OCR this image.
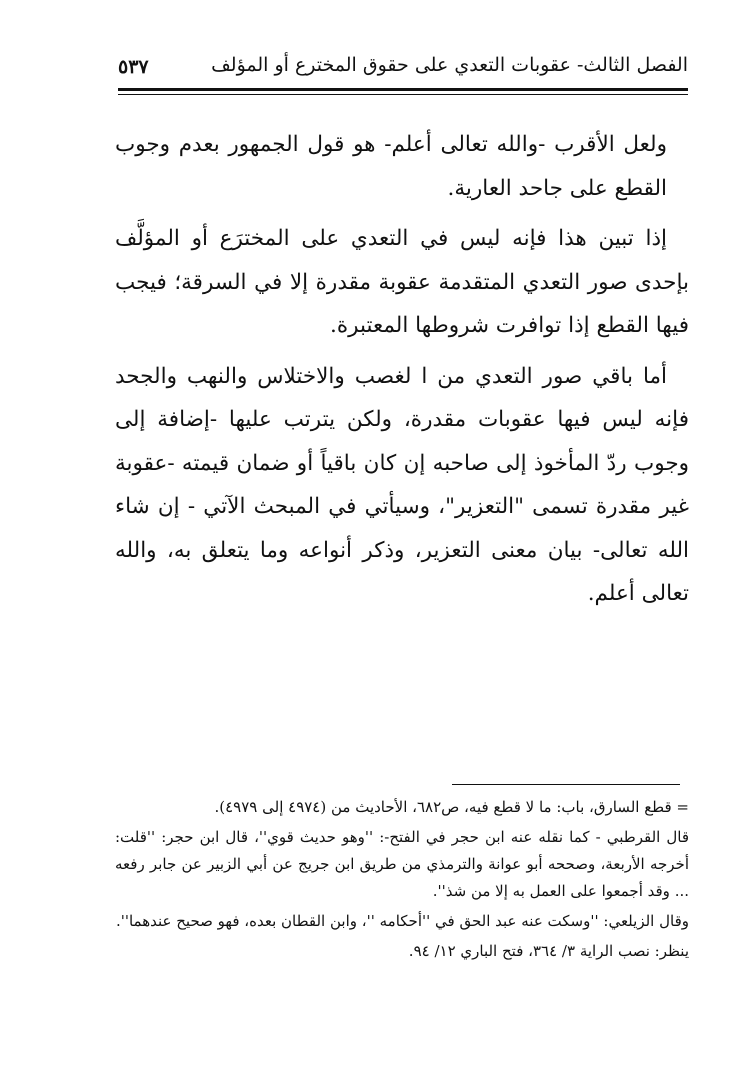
الفصل الثالث- عقوبات التعدي على حقوق المخترع أو المؤلف
٥٣٧

ولعل الأقرب -والله تعالى أعلم- هو قول الجمهور بعدم وجوب القطع على جاحد العارية.

إذا تبين هذا فإنه ليس في التعدي على المخترَع أو المؤلَّف بإحدى صور التعدي المتقدمة عقوبة مقدرة إلا في السرقة؛ فيجب فيها القطع إذا توافرت شروطها المعتبرة.

أما باقي صور التعدي من ا لغصب والاختلاس والنهب والجحد فإنه ليس فيها عقوبات مقدرة، ولكن يترتب عليها -إضافة إلى وجوب ردّ المأخوذ إلى صاحبه إن كان باقياً أو ضمان قيمته -عقوبة غير مقدرة تسمى "التعزير"، وسيأتي في المبحث الآتي - إن شاء الله تعالى- بيان معنى التعزير، وذكر أنواعه وما يتعلق به، والله تعالى أعلم.

= قطع السارق، باب: ما لا قطع فيه، ص٦٨٢، الأحاديث من (٤٩٧٤ إلى ٤٩٧٩).

قال القرطبي - كما نقله عنه ابن حجر في الفتح-: ''وهو حديث قوي''، قال ابن حجر: ''قلت: أخرجه الأربعة، وصححه أبو عوانة والترمذي من طريق ابن جريج عن أبي الزبير عن جابر رفعه ... وقد أجمعوا على العمل به إلا من شذ''.

وقال الزيلعي: ''وسكت عنه عبد الحق في ''أحكامه ''، وابن القطان بعده، فهو صحيح عندهما''.

ينظر: نصب الراية ٣/ ٣٦٤، فتح الباري ١٢/ ٩٤.
